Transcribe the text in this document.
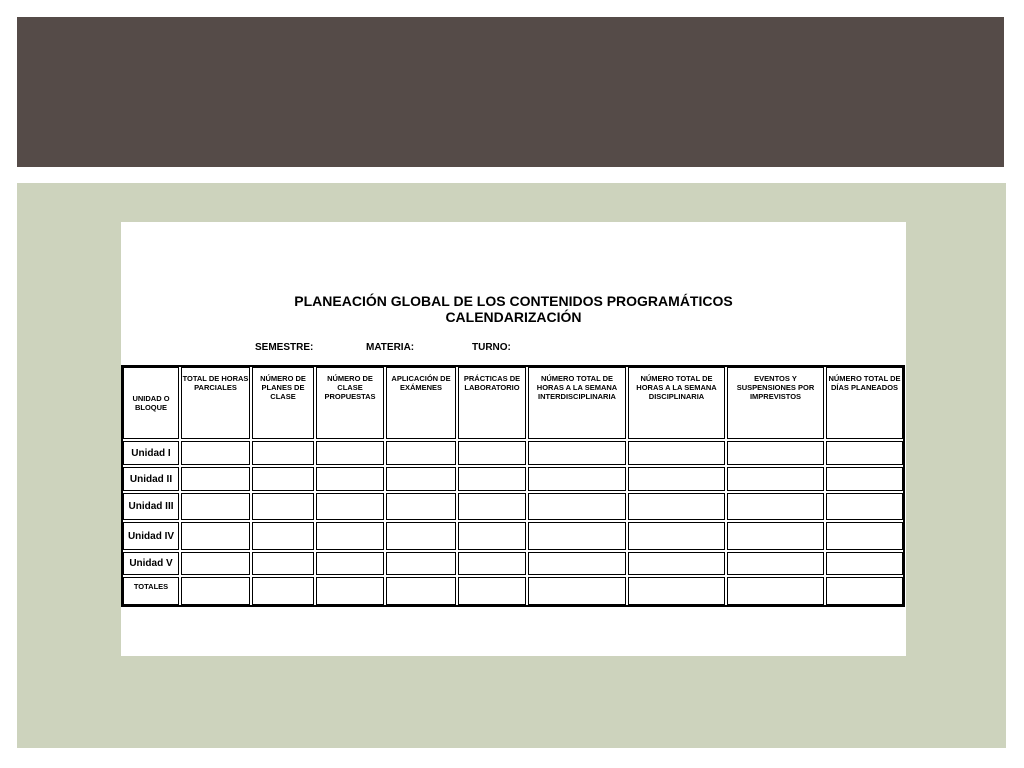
PLANEACIÓN GLOBAL DE LOS CONTENIDOS PROGRAMÁTICOS
CALENDARIZACIÓN
SEMESTRE:	MATERIA:	TURNO:
UNIDAD O BLOQUE
TOTAL DE HORAS PARCIALES
NÚMERO DE PLANES DE CLASE
NÚMERO DE CLASE PROPUESTAS
APLICACIÓN DE EXÁMENES
PRÁCTICAS DE LABORATORIO
NÚMERO TOTAL DE HORAS A LA SEMANA INTERDISCIPLINARIA
NÚMERO TOTAL DE HORAS A LA SEMANA DISCIPLINARIA
EVENTOS Y SUSPENSIONES POR IMPREVISTOS
NÚMERO TOTAL DE DÍAS PLANEADOS
Unidad I
Unidad II
Unidad III
Unidad IV
Unidad V
TOTALES
